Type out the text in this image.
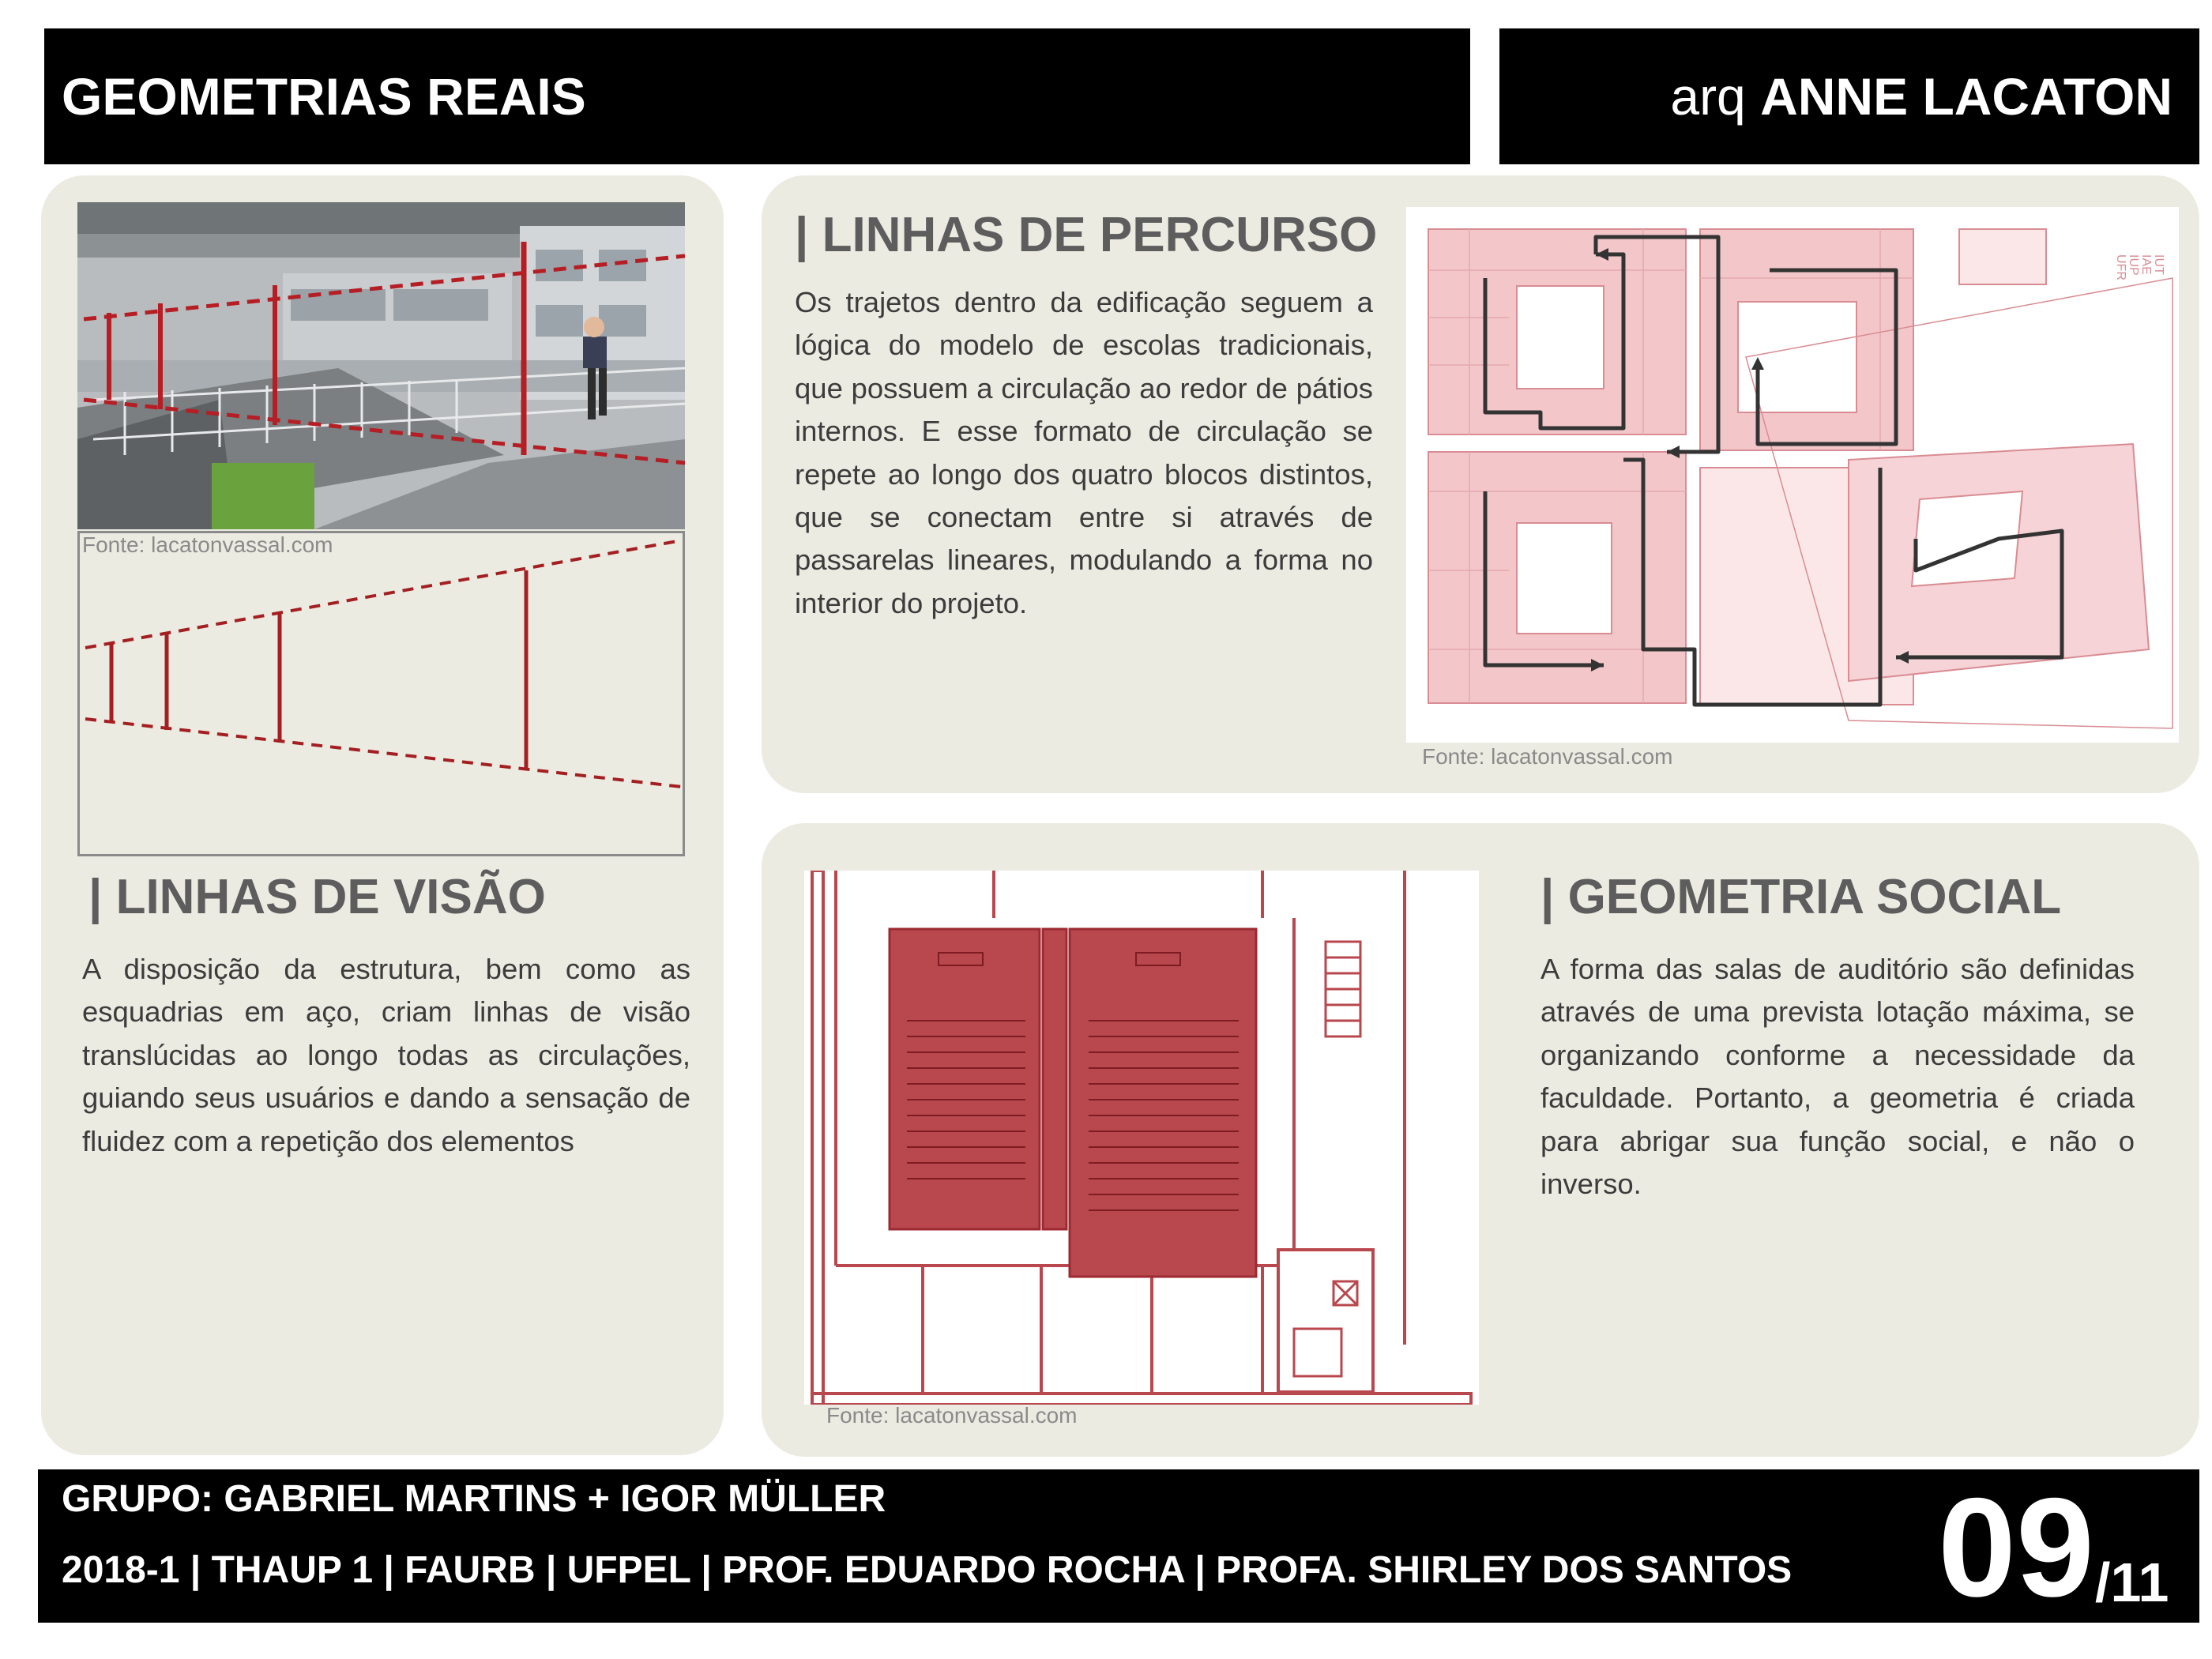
GEOMETRIAS REAIS	arq ANNE LACATON
Fonte: lacatonvassal.com
| LINHAS DE VISÃO
A disposição da estrutura, bem como as esquadrias em aço, criam linhas de visão translúcidas ao longo todas as circulações, guiando seus usuários e dando a sensação de fluidez com a repetição dos elementos
| LINHAS DE PERCURSO
Os trajetos dentro da edificação seguem a lógica do modelo de escolas tradicionais, que possuem a circulação ao redor de pátios internos. E esse formato de circulação se repete ao longo dos quatro blocos distintos, que se conectam entre si através de passarelas lineares, modulando a forma no interior do projeto.
UFR IUP IAE IUT
Fonte: lacatonvassal.com
Fonte: lacatonvassal.com
| GEOMETRIA SOCIAL
A forma das salas de auditório são definidas através de uma prevista lotação máxima, se organizando conforme a necessidade da faculdade. Portanto, a geometria é criada para abrigar sua função social, e não o inverso.
GRUPO: GABRIEL MARTINS + IGOR MÜLLER
2018-1 | THAUP 1 | FAURB | UFPEL | PROF. EDUARDO ROCHA | PROFA. SHIRLEY DOS SANTOS 09 /11
